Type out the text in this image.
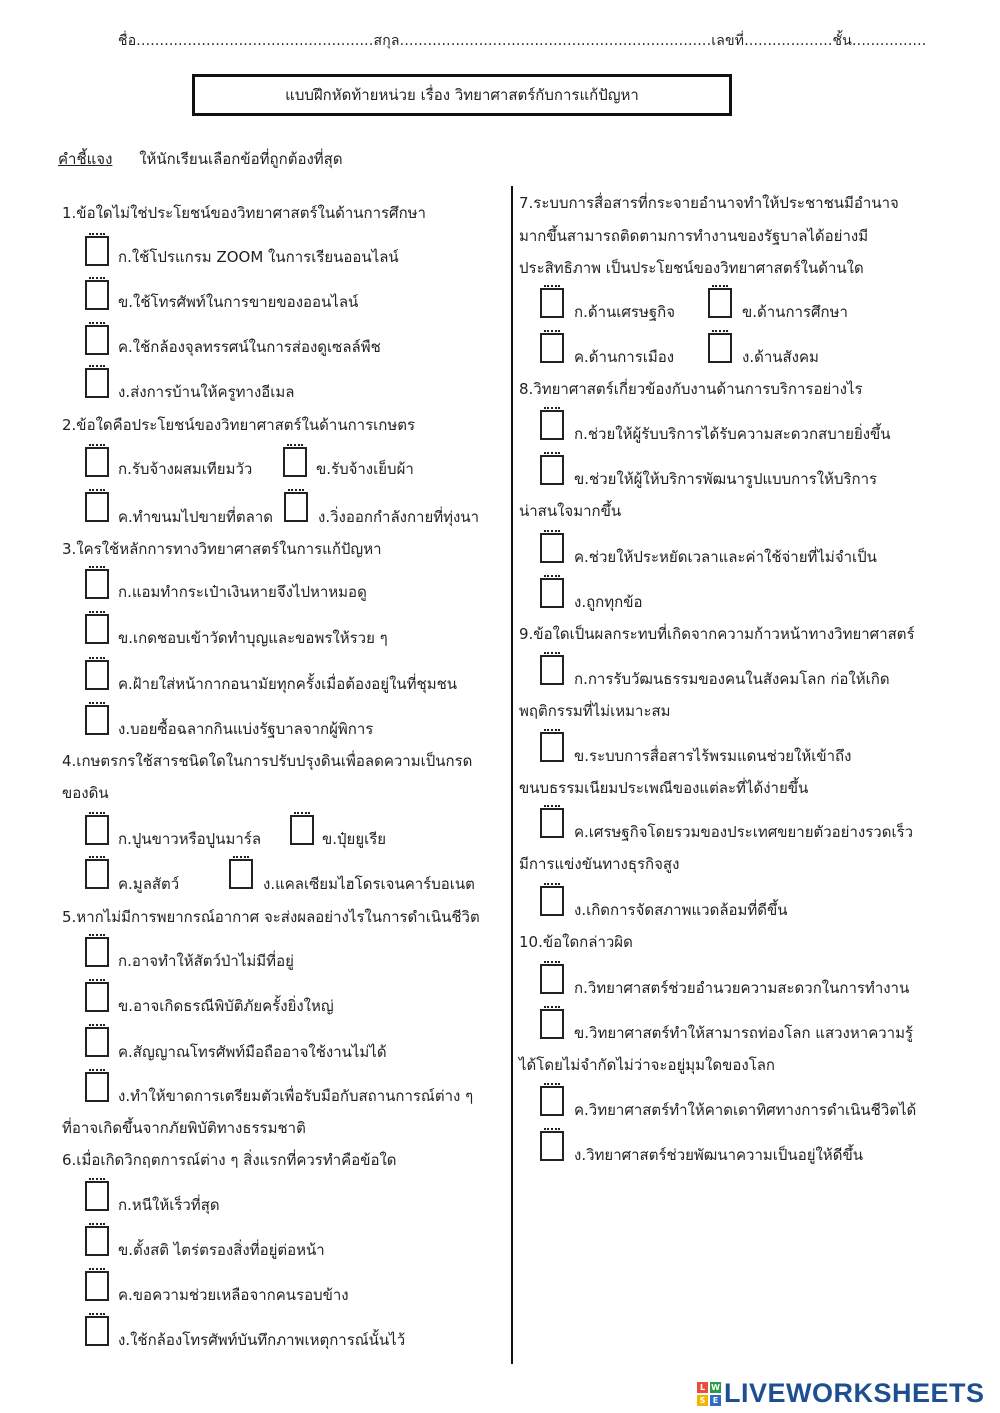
ชื่อ...................................................สกุล...................................................................เลขที่...................ชั้น................
แบบฝึกหัดท้ายหน่วย เรื่อง วิทยาศาสตร์กับการแก้ปัญหา
คำชี้แจง ให้นักเรียนเลือกข้อที่ถูกต้องที่สุด
1.ข้อใดไม่ใช่ประโยชน์ของวิทยาศาสตร์ในด้านการศึกษา
ก.ใช้โปรแกรม ZOOM ในการเรียนออนไลน์
ข.ใช้โทรศัพท์ในการขายของออนไลน์
ค.ใช้กล้องจุลทรรศน์ในการส่องดูเซลล์พืช
ง.ส่งการบ้านให้ครูทางอีเมล
2.ข้อใดคือประโยชน์ของวิทยาศาสตร์ในด้านการเกษตร
ก.รับจ้างผสมเทียมวัว	ข.รับจ้างเย็บผ้า
ค.ทำขนมไปขายที่ตลาด	ง.วิ่งออกกำลังกายที่ทุ่งนา
3.ใครใช้หลักการทางวิทยาศาสตร์ในการแก้ปัญหา
ก.แอมทำกระเป๋าเงินหายจึงไปหาหมอดู
ข.เกดชอบเข้าวัดทำบุญและขอพรให้รวย ๆ
ค.ฝ้ายใส่หน้ากากอนามัยทุกครั้งเมื่อต้องอยู่ในที่ชุมชน
ง.บอยซื้อฉลากกินแบ่งรัฐบาลจากผู้พิการ
4.เกษตรกรใช้สารชนิดใดในการปรับปรุงดินเพื่อลดความเป็นกรด
ของดิน
ก.ปูนขาวหรือปูนมาร์ล	ข.ปุ๋ยยูเรีย
ค.มูลสัตว์	ง.แคลเซียมไฮโดรเจนคาร์บอเนต
5.หากไม่มีการพยากรณ์อากาศ จะส่งผลอย่างไรในการดำเนินชีวิต
ก.อาจทำให้สัตว์ป่าไม่มีที่อยู่
ข.อาจเกิดธรณีพิบัติภัยครั้งยิ่งใหญ่
ค.สัญญาณโทรศัพท์มือถืออาจใช้งานไม่ได้
ง.ทำให้ขาดการเตรียมตัวเพื่อรับมือกับสถานการณ์ต่าง ๆ
ที่อาจเกิดขึ้นจากภัยพิบัติทางธรรมชาติ
6.เมื่อเกิดวิกฤตการณ์ต่าง ๆ สิ่งแรกที่ควรทำคือข้อใด
ก.หนีให้เร็วที่สุด
ข.ตั้งสติ ไตร่ตรองสิ่งที่อยู่ต่อหน้า
ค.ขอความช่วยเหลือจากคนรอบข้าง
ง.ใช้กล้องโทรศัพท์บันทึกภาพเหตุการณ์นั้นไว้
7.ระบบการสื่อสารที่กระจายอำนาจทำให้ประชาชนมีอำนาจ
มากขึ้นสามารถติดตามการทำงานของรัฐบาลได้อย่างมี
ประสิทธิภาพ เป็นประโยชน์ของวิทยาศาสตร์ในด้านใด
ก.ด้านเศรษฐกิจ	ข.ด้านการศึกษา
ค.ด้านการเมือง	ง.ด้านสังคม
8.วิทยาศาสตร์เกี่ยวข้องกับงานด้านการบริการอย่างไร
ก.ช่วยให้ผู้รับบริการได้รับความสะดวกสบายยิ่งขึ้น
ข.ช่วยให้ผู้ให้บริการพัฒนารูปแบบการให้บริการ
น่าสนใจมากขึ้น
ค.ช่วยให้ประหยัดเวลาและค่าใช้จ่ายที่ไม่จำเป็น
ง.ถูกทุกข้อ
9.ข้อใดเป็นผลกระทบที่เกิดจากความก้าวหน้าทางวิทยาศาสตร์
ก.การรับวัฒนธรรมของคนในสังคมโลก ก่อให้เกิด
พฤติกรรมที่ไม่เหมาะสม
ข.ระบบการสื่อสารไร้พรมแดนช่วยให้เข้าถึง
ขนบธรรมเนียมประเพณีของแต่ละที่ได้ง่ายขึ้น
ค.เศรษฐกิจโดยรวมของประเทศขยายตัวอย่างรวดเร็ว
มีการแข่งขันทางธุรกิจสูง
ง.เกิดการจัดสภาพแวดล้อมที่ดีขึ้น
10.ข้อใดกล่าวผิด
ก.วิทยาศาสตร์ช่วยอำนวยความสะดวกในการทำงาน
ข.วิทยาศาสตร์ทำให้สามารถท่องโลก แสวงหาความรู้
ได้โดยไม่จำกัดไม่ว่าจะอยู่มุมใดของโลก
ค.วิทยาศาสตร์ทำให้คาดเดาทิศทางการดำเนินชีวิตได้
ง.วิทยาศาสตร์ช่วยพัฒนาความเป็นอยู่ให้ดีขึ้น
L W
S E LIVEWORKSHEETS
